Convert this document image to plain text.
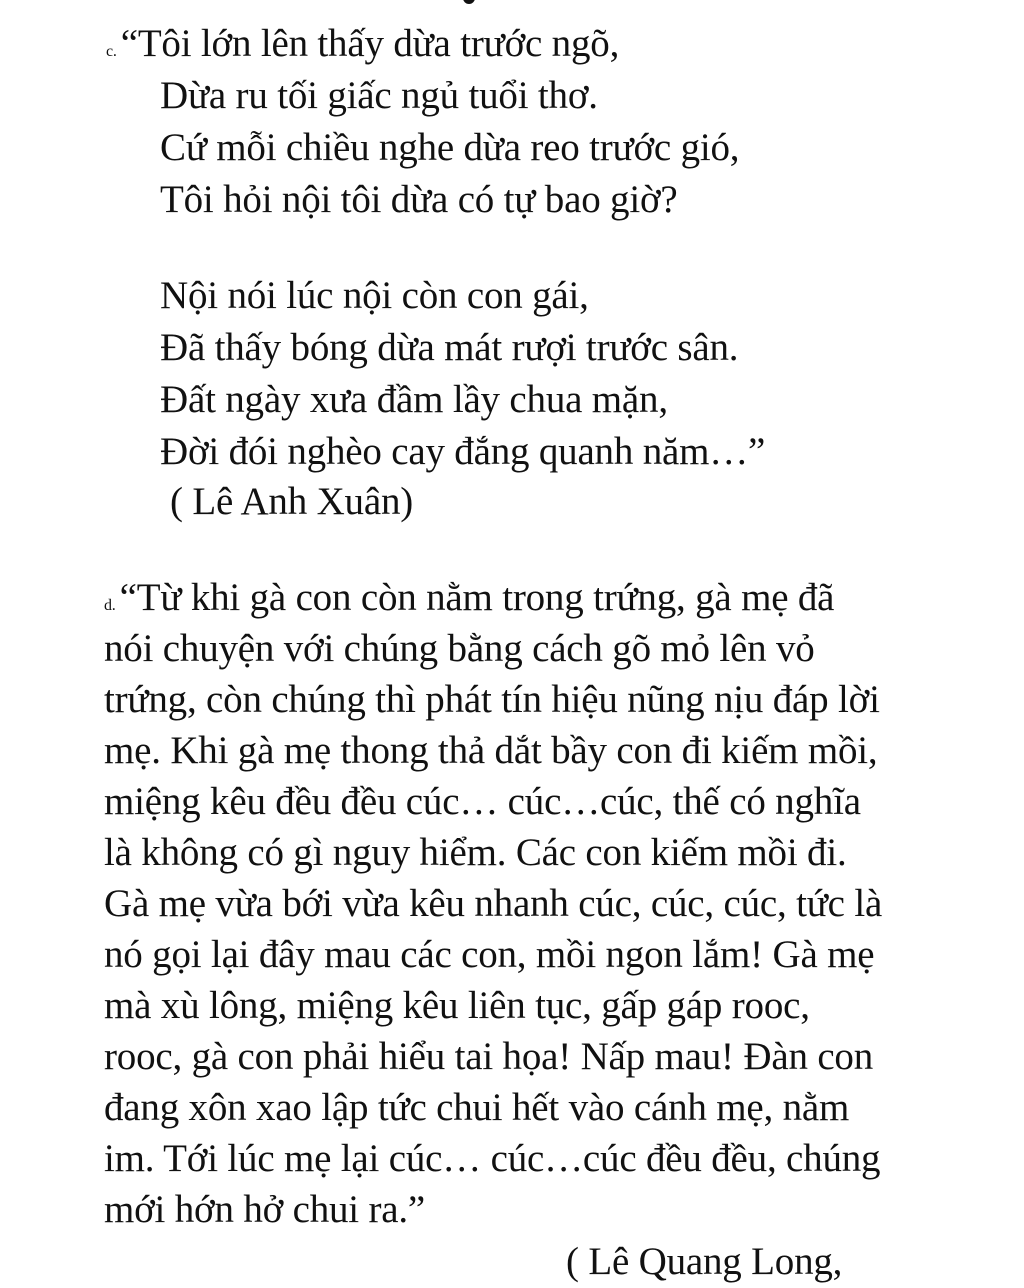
c. “Tôi lớn lên thấy dừa trước ngõ,
Dừa ru tối giấc ngủ tuổi thơ.
Cứ mỗi chiều nghe dừa reo trước gió,
Tôi hỏi nội tôi dừa có tự bao giờ?
Nội nói lúc nội còn con gái,
Đã thấy bóng dừa mát rượi trước sân.
Đất ngày xưa đầm lầy chua mặn,
Đời đói nghèo cay đắng quanh năm…”
( Lê Anh Xuân)
d. “Từ khi gà con còn nằm trong trứng, gà mẹ đã
nói chuyện với chúng bằng cách gõ mỏ lên vỏ
trứng, còn chúng thì phát tín hiệu nũng nịu đáp lời
mẹ. Khi gà mẹ thong thả dắt bầy con đi kiếm mồi,
miệng kêu đều đều cúc… cúc…cúc, thế có nghĩa
là không có gì nguy hiểm. Các con kiếm mồi đi.
Gà mẹ vừa bới vừa kêu nhanh cúc, cúc, cúc, tức là
nó gọi lại đây mau các con, mồi ngon lắm! Gà mẹ
mà xù lông, miệng kêu liên tục, gấp gáp rooc,
rooc, gà con phải hiểu tai họa! Nấp mau! Đàn con
đang xôn xao lập tức chui hết vào cánh mẹ, nằm
im. Tới lúc mẹ lại cúc… cúc…cúc đều đều, chúng
mới hớn hở chui ra.”
( Lê Quang Long,
